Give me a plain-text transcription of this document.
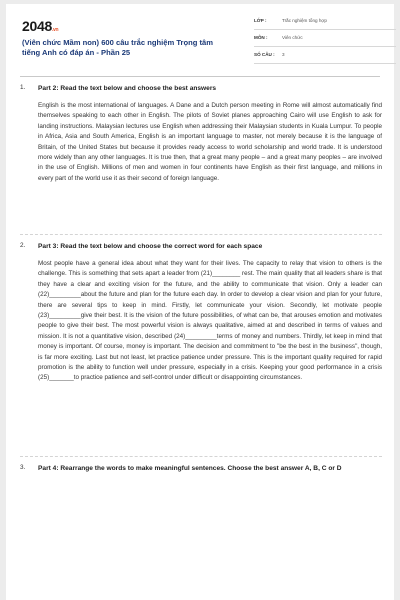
2048.vn
(Viên chức Mầm non) 600 câu trắc nghiệm Trọng tâm tiếng Anh có đáp án - Phần 25
LỚP :	Trắc nghiệm tổng hợp
MÔN :	Viên chức
SỐ CÂU : 3
1. Part 2: Read the text below and choose the best answers
English is the most international of languages. A Dane and a Dutch person meeting in Rome will almost automatically find themselves speaking to each other in English. The pilots of Soviet planes approaching Cairo will use English to ask for landing instructions. Malaysian lectures use English when addressing their Malaysian students in Kuala Lumpur. To people in Africa, Asia and South America, English is an important language to master, not merely because it is the language of Britain, of the United States but because it provides ready access to world scholarship and world trade. It is understood more widely than any other languages. It is true then, that a great many people – and a great many peoples – are involved in the use of English. Millions of men and women in four continents have English as their first language, and millions in every part of the world use it as their second of foreign language.
2. Part 3: Read the text below and choose the correct word for each space
Most people have a general idea about what they want for their lives. The capacity to relay that vision to others is the challenge. This is something that sets apart a leader from (21)________ rest. The main quality that all leaders share is that they have a clear and exciting vision for the future, and the ability to communicate that vision. Only a leader can (22)_________about the future and plan for the future each day. In order to develop a clear vision and plan for your future, there are several tips to keep in mind. Firstly, let communicate your vision. Secondly, let motivate people (23)_________give their best. It is the vision of the future possibilities, of what can be, that arouses emotion and motivates people to give their best. The most powerful vision is always qualitative, aimed at and described in terms of values and mission. It is not a quantitative vision, described (24)_________terms of money and numbers. Thirdly, let keep in mind that money is important. Of course, money is important. The decision and commitment to "be the best in the business", though, is far more exciting. Last but not least, let practice patience under pressure. This is the important quality required for rapid promotion is the ability to function well under pressure, especially in a crisis. Keeping your good performance in a crisis (25)_______to practice patience and self-control under difficult or disappointing circumstances.
3. Part 4: Rearrange the words to make meaningful sentences. Choose the best answer A, B, C or D
